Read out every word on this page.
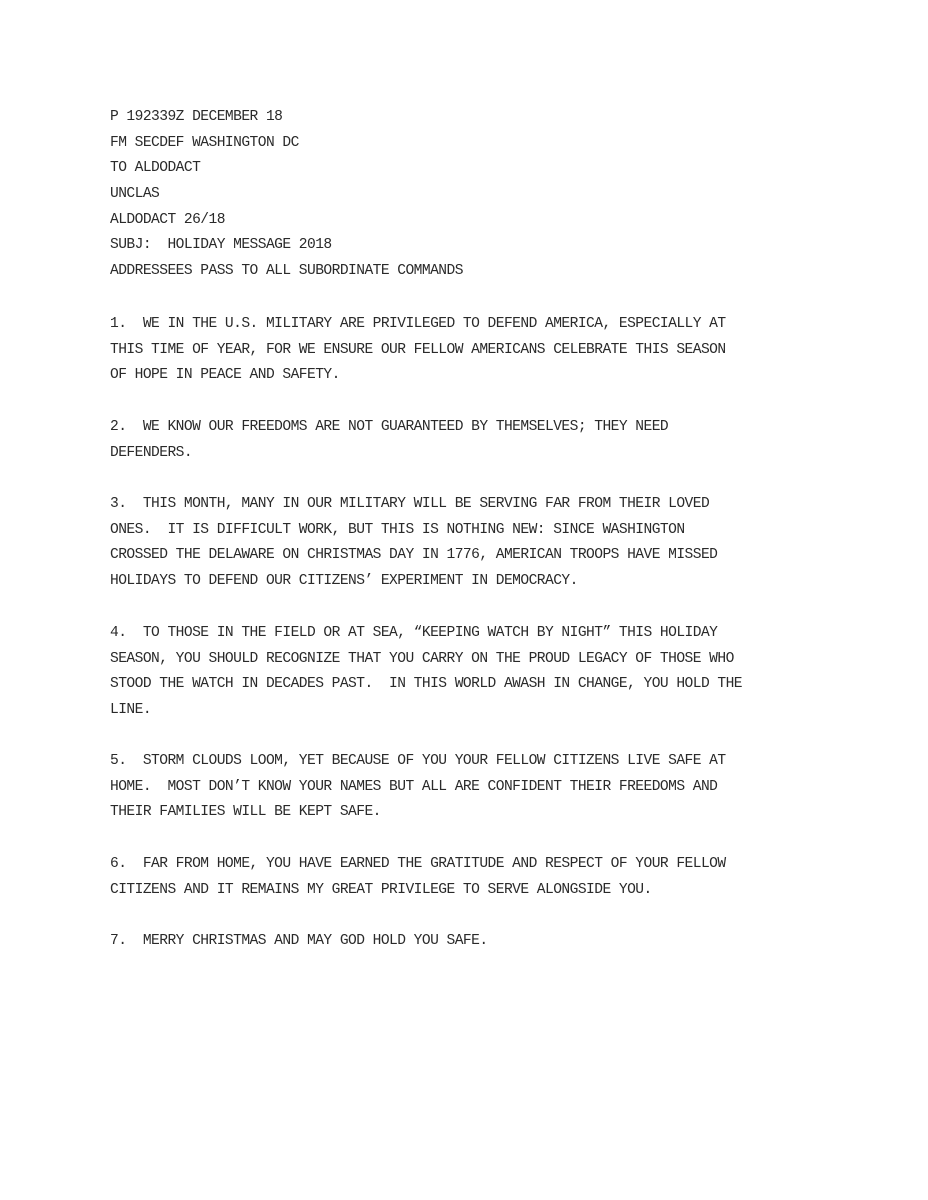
P 192339Z DECEMBER 18
FM SECDEF WASHINGTON DC
TO ALDODACT
UNCLAS
ALDODACT 26/18
SUBJ:  HOLIDAY MESSAGE 2018
ADDRESSEES PASS TO ALL SUBORDINATE COMMANDS
1.  WE IN THE U.S. MILITARY ARE PRIVILEGED TO DEFEND AMERICA, ESPECIALLY AT
THIS TIME OF YEAR, FOR WE ENSURE OUR FELLOW AMERICANS CELEBRATE THIS SEASON
OF HOPE IN PEACE AND SAFETY.
2.  WE KNOW OUR FREEDOMS ARE NOT GUARANTEED BY THEMSELVES; THEY NEED
DEFENDERS.
3.  THIS MONTH, MANY IN OUR MILITARY WILL BE SERVING FAR FROM THEIR LOVED
ONES.  IT IS DIFFICULT WORK, BUT THIS IS NOTHING NEW: SINCE WASHINGTON
CROSSED THE DELAWARE ON CHRISTMAS DAY IN 1776, AMERICAN TROOPS HAVE MISSED
HOLIDAYS TO DEFEND OUR CITIZENS’ EXPERIMENT IN DEMOCRACY.
4.  TO THOSE IN THE FIELD OR AT SEA, “KEEPING WATCH BY NIGHT” THIS HOLIDAY
SEASON, YOU SHOULD RECOGNIZE THAT YOU CARRY ON THE PROUD LEGACY OF THOSE WHO
STOOD THE WATCH IN DECADES PAST.  IN THIS WORLD AWASH IN CHANGE, YOU HOLD THE
LINE.
5.  STORM CLOUDS LOOM, YET BECAUSE OF YOU YOUR FELLOW CITIZENS LIVE SAFE AT
HOME.  MOST DON’T KNOW YOUR NAMES BUT ALL ARE CONFIDENT THEIR FREEDOMS AND
THEIR FAMILIES WILL BE KEPT SAFE.
6.  FAR FROM HOME, YOU HAVE EARNED THE GRATITUDE AND RESPECT OF YOUR FELLOW
CITIZENS AND IT REMAINS MY GREAT PRIVILEGE TO SERVE ALONGSIDE YOU.
7.  MERRY CHRISTMAS AND MAY GOD HOLD YOU SAFE.
